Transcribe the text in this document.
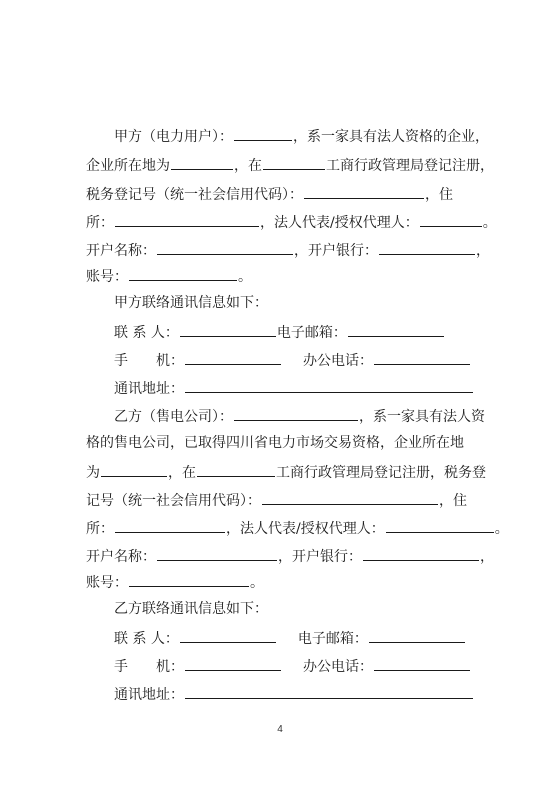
甲方（电力用户）：	，系一家具有法人资格的企业，
企业所在地为	，在	工商行政管理局登记注册，
税务登记号（统一社会信用代码）：	，住
所：	，法人代表/授权代理人：	。
开户名称：	，开户银行：	，
账号：	。
甲方联络通讯信息如下：
联 系 人：	电子邮箱：
手　　机：	办公电话：
通讯地址：
乙方（售电公司）：	，系一家具有法人资
格的售电公司，已取得四川省电力市场交易资格，企业所在地
为	，在	工商行政管理局登记注册，税务登
记号（统一社会信用代码）：	，住
所：	，法人代表/授权代理人：	。
开户名称：	，开户银行：	，
账号：	。
乙方联络通讯信息如下：
联 系 人：	电子邮箱：
手　　机：	办公电话：
通讯地址：
4
